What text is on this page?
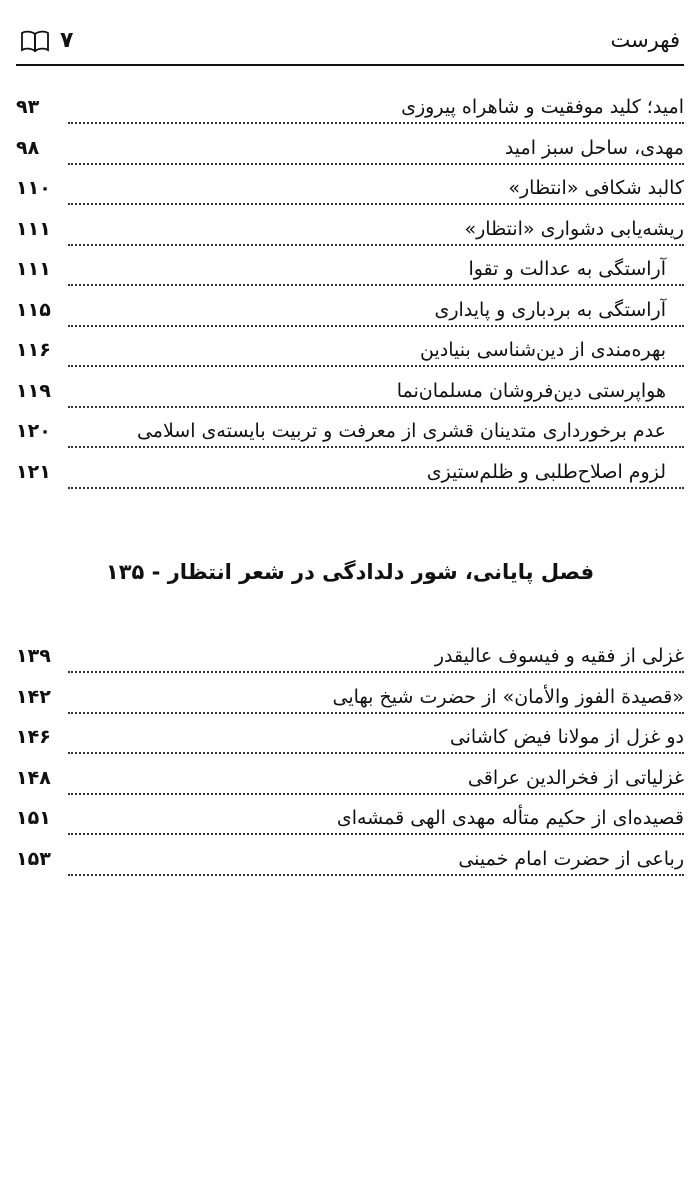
فهرست
۷
امید؛ کلید موفقیت و شاهراه پیروزی
۹۳
مهدی، ساحل سبز امید
۹۸
کالبد شکافی «انتظار»
۱۱۰
ریشه‌یابی دشواری «انتظار»
۱۱۱
آراستگی به عدالت و تقوا
۱۱۱
آراستگی به بردباری و پایداری
۱۱۵
بهره‌مندی از دین‌شناسی بنیادین
۱۱۶
هواپرستی دین‌فروشان مسلمان‌نما
۱۱۹
عدم برخورداری متدینان قشری از معرفت و تربیت بایسته‌ی اسلامی
۱۲۰
لزوم اصلاح‌طلبی و ظلم‌ستیزی
۱۲۱
فصل پایانی، شور دلدادگی در شعر انتظار - ۱۳۵
غزلی از فقیه و فیسوف عالیقدر
۱۳۹
«قصیدة الفوز والأمان» از حضرت شیخ بهایی
۱۴۲
دو غزل از مولانا فیض کاشانی
۱۴۶
غزلیاتی از فخرالدین عراقی
۱۴۸
قصیده‌ای از حکیم متأله مهدی الهی قمشه‌ای
۱۵۱
رباعی از حضرت امام خمینی
۱۵۳
